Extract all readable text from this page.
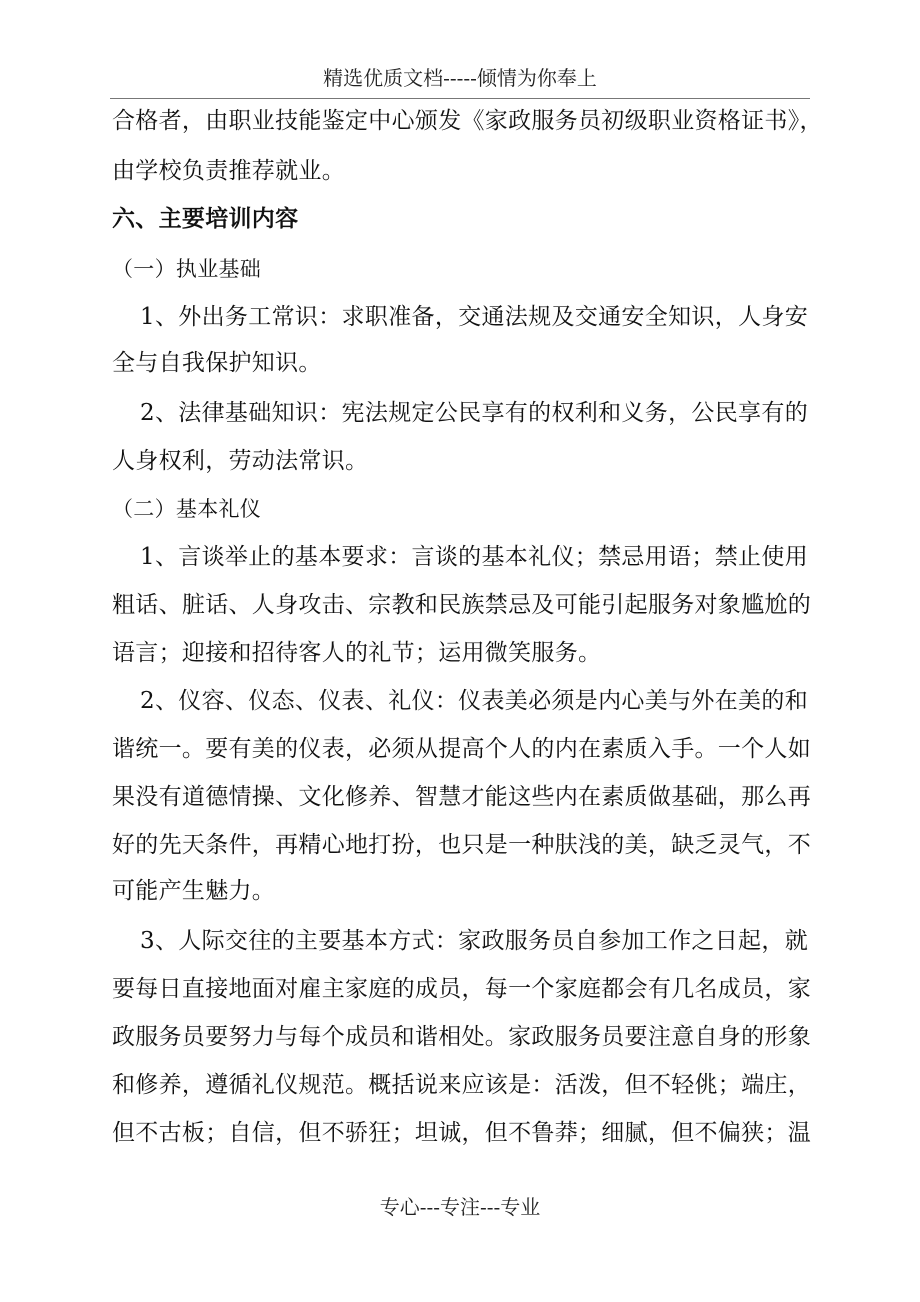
精选优质文档-----倾情为你奉上
合格者，由职业技能鉴定中心颁发《家政服务员初级职业资格证书》，
由学校负责推荐就业。
六、主要培训内容
（一）执业基础
1、外出务工常识：求职准备，交通法规及交通安全知识，人身安
全与自我保护知识。
2、法律基础知识：宪法规定公民享有的权利和义务，公民享有的
人身权利，劳动法常识。
（二）基本礼仪
1、言谈举止的基本要求：言谈的基本礼仪；禁忌用语；禁止使用
粗话、脏话、人身攻击、宗教和民族禁忌及可能引起服务对象尴尬的
语言；迎接和招待客人的礼节；运用微笑服务。
2、仪容、仪态、仪表、礼仪：仪表美必须是内心美与外在美的和
谐统一。要有美的仪表，必须从提高个人的内在素质入手。一个人如
果没有道德情操、文化修养、智慧才能这些内在素质做基础，那么再
好的先天条件，再精心地打扮，也只是一种肤浅的美，缺乏灵气，不
可能产生魅力。
3、人际交往的主要基本方式：家政服务员自参加工作之日起，就
要每日直接地面对雇主家庭的成员，每一个家庭都会有几名成员，家
政服务员要努力与每个成员和谐相处。家政服务员要注意自身的形象
和修养，遵循礼仪规范。概括说来应该是：活泼，但不轻佻；端庄，
但不古板；自信，但不骄狂；坦诚，但不鲁莽；细腻，但不偏狭；温
专心---专注---专业
